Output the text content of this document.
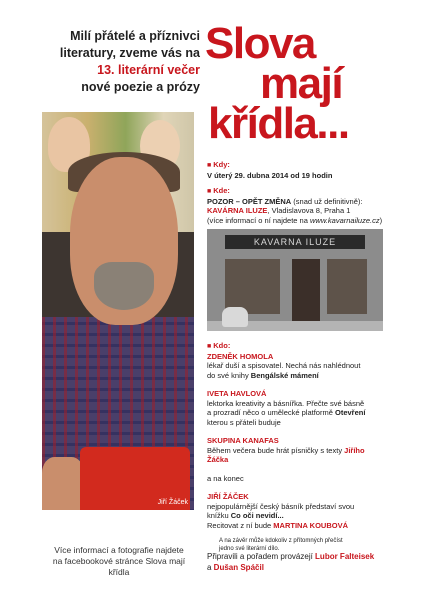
Milí přátelé a příznivci
literatury, zveme vás na
13. literární večer
nové poezie a prózy
Slova
mají
křídla...
Jiří Žáček
Více informací a fotografie najdete
na facebookové stránce Slova mají křídla
■ Kdy:
V úterý 29. dubna 2014 od 19 hodin
■ Kde:
POZOR – OPĚT ZMĚNA (snad už definitivně):
KAVÁRNA ILUZE, Vladislavova 8, Praha 1
(více informací o ní najdete na www.kavarnailuze.cz)
KAVARNA ILUZE
■ Kdo:
ZDENĚK HOMOLA
lékař duší a spisovatel. Nechá nás nahlédnout
do své knihy Bengálské mámení
IVETA HAVLOVÁ
lektorka kreativity a básnířka. Přečte své básně
a prozradí něco o umělecké platformě Otevření
kterou s přáteli buduje
SKUPINA KANAFAS
Během večera bude hrát písničky s texty Jiřího
Žáčka
a na konec
JIŘÍ ŽÁČEK
nejpopulárnější český básník představí svou
knížku Co oči nevidí...
Recitovat z ní bude MARTINA KOUBOVÁ
A na závěr může kdokoliv z přítomných přečíst
jedno své literární dílo.
Připravili a pořadem provázejí Lubor Falteisek
a Dušan Spáčil
